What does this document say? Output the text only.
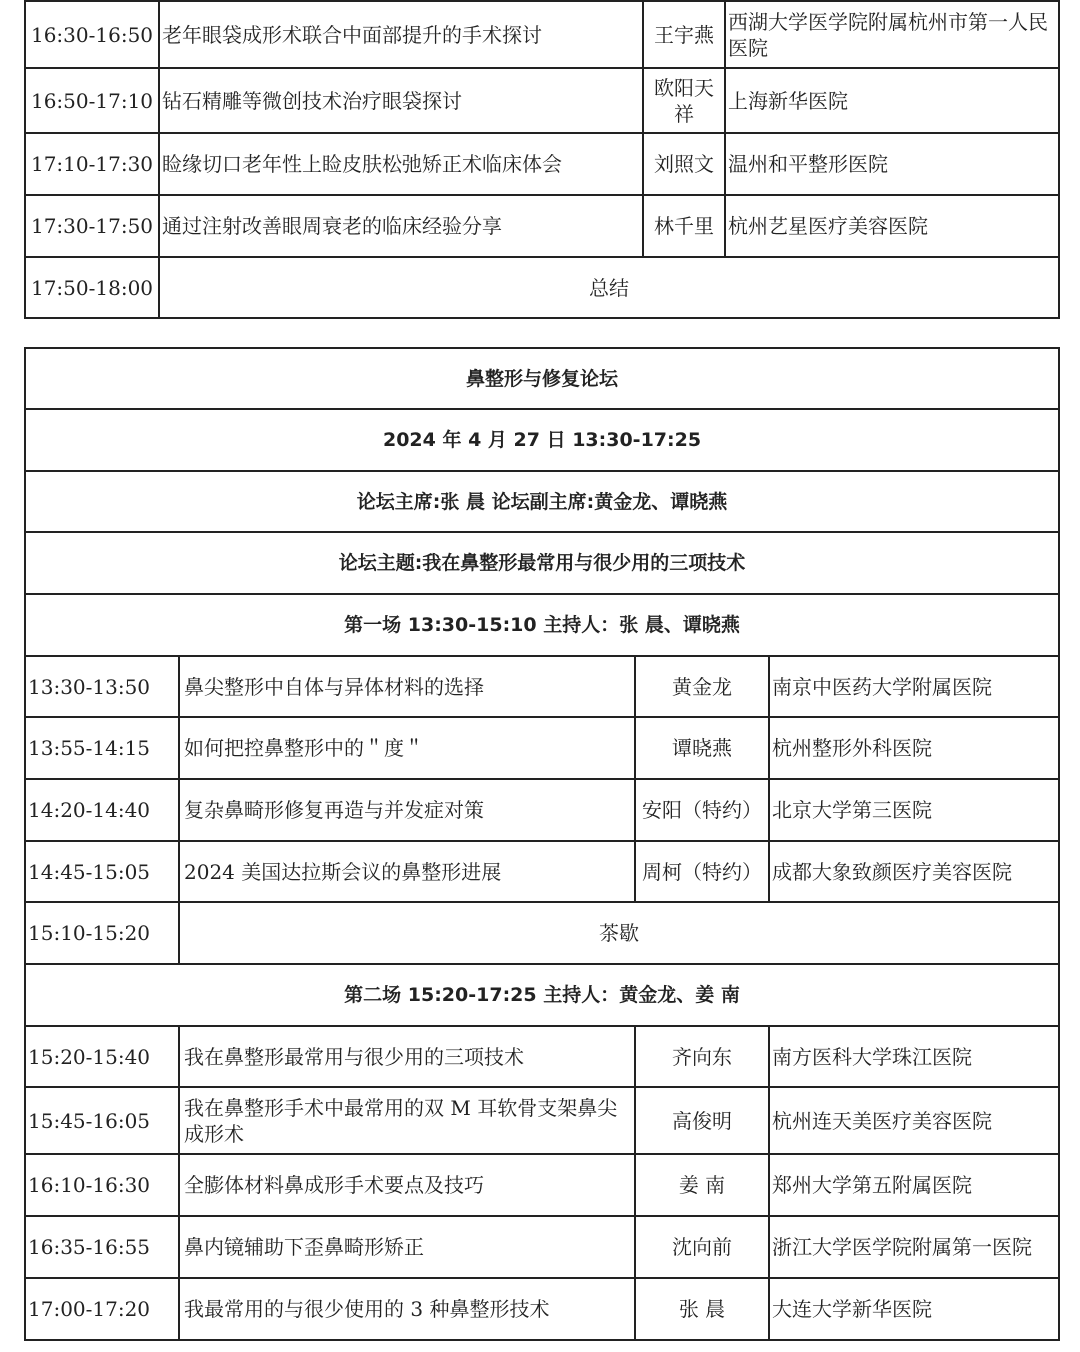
16:30-16:50	老年眼袋成形术联合中面部提升的手术探讨	王宇燕	西湖大学医学院附属杭州市第一人民医院
16:50-17:10	钻石精雕等微创技术治疗眼袋探讨	欧阳天祥	上海新华医院
17:10-17:30	睑缘切口老年性上睑皮肤松弛矫正术临床体会	刘照文	温州和平整形医院
17:30-17:50	通过注射改善眼周衰老的临床经验分享	林千里	杭州艺星医疗美容医院
17:50-18:00	总结		
鼻整形与修复论坛			
2024 年 4 月 27 日 13:30-17:25			
论坛主席:张 晨 论坛副主席:黄金龙、谭晓燕			
论坛主题:我在鼻整形最常用与很少用的三项技术			
第一场 13:30-15:10 主持人：张 晨、谭晓燕			
13:30-13:50	鼻尖整形中自体与异体材料的选择	黄金龙	南京中医药大学附属医院
13:55-14:15	如何把控鼻整形中的＂度＂	谭晓燕	杭州整形外科医院
14:20-14:40	复杂鼻畸形修复再造与并发症对策	安阳（特约）	北京大学第三医院
14:45-15:05	2024 美国达拉斯会议的鼻整形进展	周柯（特约）	成都大象致颜医疗美容医院
15:10-15:20	茶歇		
第二场 15:20-17:25 主持人：黄金龙、姜 南			
15:20-15:40	我在鼻整形最常用与很少用的三项技术	齐向东	南方医科大学珠江医院
15:45-16:05	我在鼻整形手术中最常用的双 M 耳软骨支架鼻尖成形术	高俊明	杭州连天美医疗美容医院
16:10-16:30	全膨体材料鼻成形手术要点及技巧	姜 南	郑州大学第五附属医院
16:35-16:55	鼻内镜辅助下歪鼻畸形矫正	沈向前	浙江大学医学院附属第一医院
17:00-17:20	我最常用的与很少使用的 3 种鼻整形技术	张 晨	大连大学新华医院
